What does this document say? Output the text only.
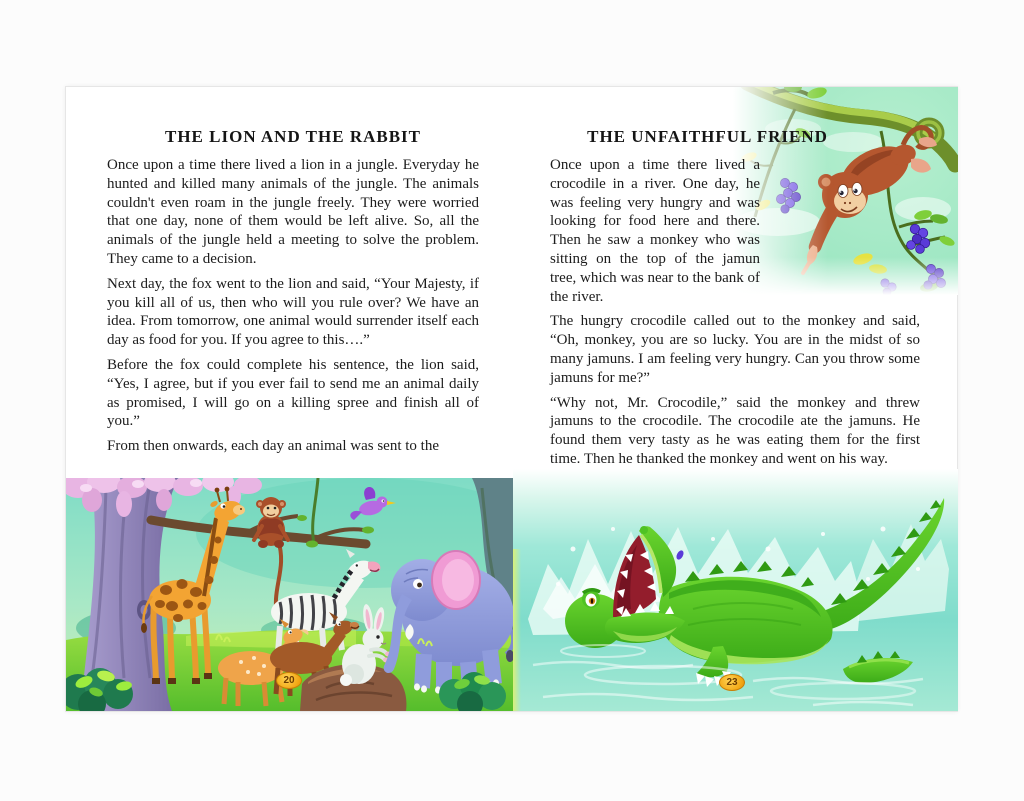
THE LION AND THE RABBIT

Once upon a time there lived a lion in a jungle. Everyday he hunted and killed many animals of the jungle. The animals couldn't even roam in the jungle freely. They were worried that one day, none of them would be left alive. So, all the animals of the jungle held a meeting to solve the problem. They came to a decision.

Next day, the fox went to the lion and said, “Your Majesty, if you kill all of us, then who will you rule over? We have an idea. From tomorrow, one animal would surrender itself each day as food for you. If you agree to this….”

Before the fox could complete his sentence, the lion said, “Yes, I agree, but if you ever fail to send me an animal daily as promised, I will go on a killing spree and finish all of you.”

From then onwards, each day an animal was sent to the

20
THE UNFAITHFUL FRIEND

Once upon a time there lived a crocodile in a river. One day, he was feeling very hungry and was looking for food here and there. Then he saw a monkey who was sitting on the top of the jamun tree, which was near to the bank of the river.

The hungry crocodile called out to the monkey and said, “Oh, monkey, you are so lucky. You are in the midst of so many jamuns. I am feeling very hungry. Can you throw some jamuns for me?”

“Why not, Mr. Crocodile,” said the monkey and threw jamuns to the crocodile. The crocodile ate the jamuns. He found them very tasty as he was eating them for the first time. Then he thanked the monkey and went on his way.

23
